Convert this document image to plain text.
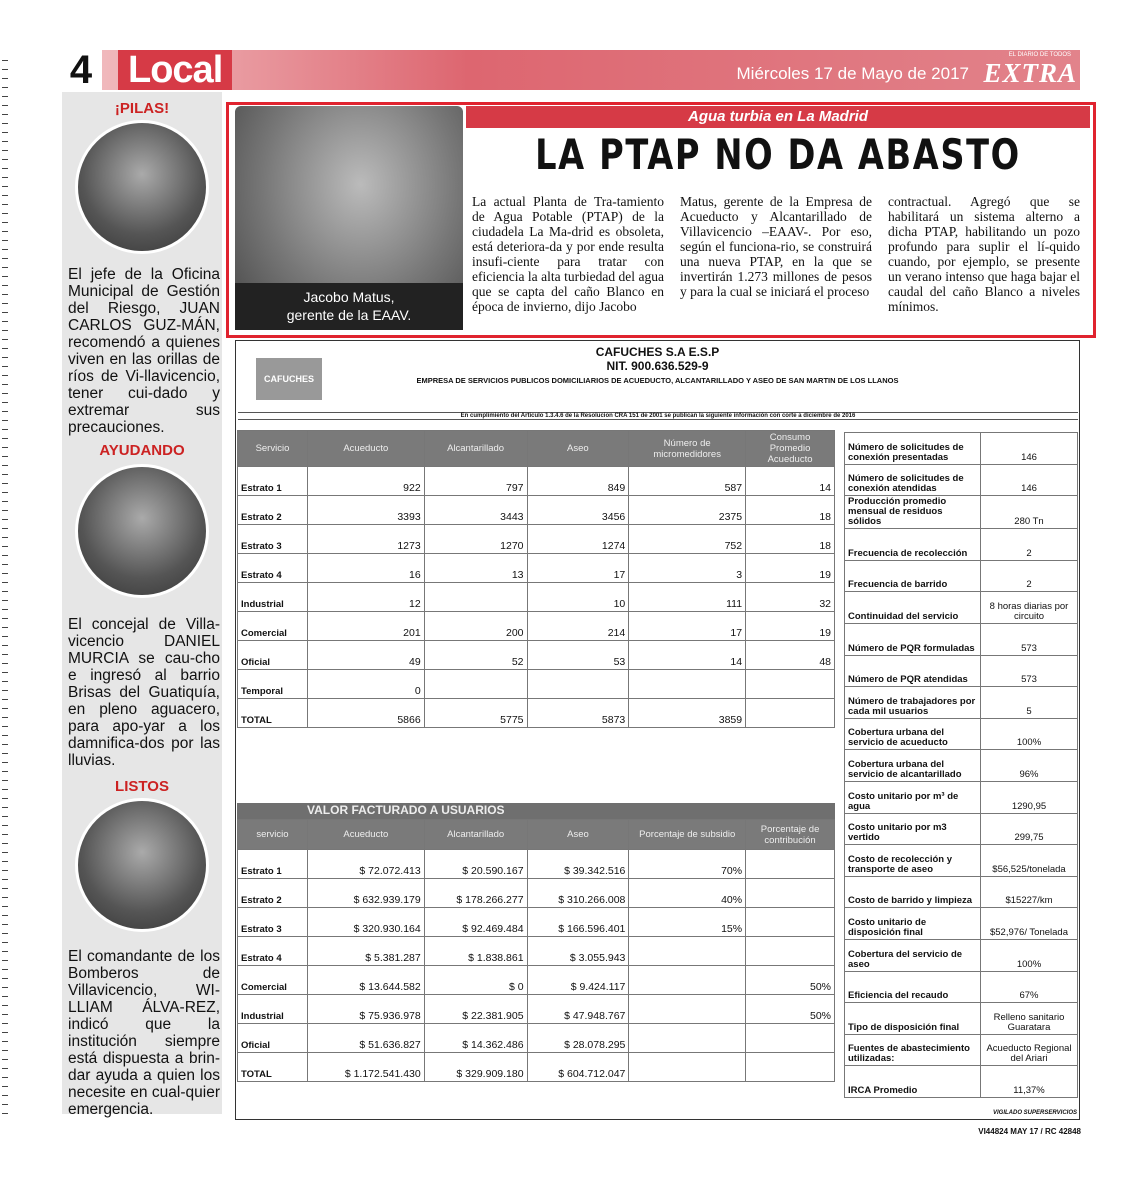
4 Local	Miércoles 17 de Mayo de 2017
EL DIARIO DE TODOS
EXTRA
¡PILAS!
El jefe de la Oficina Municipal de Gestión del Riesgo, JUAN CARLOS GUZ-MÁN, recomendó a quienes viven en las orillas de ríos de Vi-llavicencio, tener cui-dado y extremar sus precauciones.
AYUDANDO
El concejal de Villa-vicencio DANIEL MURCIA se cau-cho e ingresó al barrio Brisas del Guatiquía, en pleno aguacero, para apo-yar a los damnifica-dos por las lluvias.
LISTOS
El comandante de los Bomberos de Villavicencio, WI-LLIAM ÁLVA-REZ, indicó que la institución siempre está dispuesta a brin-dar ayuda a quien los necesite en cual-quier emergencia.
Jacobo Matus,
gerente de la EAAV.
Agua turbia en La Madrid
LA PTAP NO DA ABASTO
La actual Planta de Tra-tamiento de Agua Potable (PTAP) de la ciudadela La Ma-drid es obsoleta, está deteriora-da y por ende resulta insufi-ciente para tratar con eficiencia la alta turbiedad del agua que se capta del caño Blanco en época de invierno, dijo Jacobo
Matus, gerente de la Empresa de Acueducto y Alcantarillado de Villavicencio –EAAV-. Por eso, según el funciona-rio, se construirá una nueva PTAP, en la que se invertirán 1.273 millones de pesos y para la cual se iniciará el proceso
contractual. Agregó que se habilitará un sistema alterno a dicha PTAP, habilitando un pozo profundo para suplir el lí-quido cuando, por ejemplo, se presente un verano intenso que haga bajar el caudal del caño Blanco a niveles mínimos.
CAFUCHES
CAFUCHES S.A E.S.P
NIT. 900.636.529-9
EMPRESA DE SERVICIOS PUBLICOS DOMICILIARIOS DE ACUEDUCTO, ALCANTARILLADO Y ASEO DE SAN MARTIN DE LOS LLANOS
En cumplimiento del Articulo 1.3.4.6 de la Resolucion CRA 151 de 2001 se publican la siguiente información con corte a diciembre de 2016
Servicio	Acueducto	Alcantarillado	Aseo	Número de micromedidores	Consumo Promedio Acueducto
Estrato 1	922	797	849	587	14
Estrato 2	3393	3443	3456	2375	18
Estrato 3	1273	1270	1274	752	18
Estrato 4	16	13	17	3	19
Industrial	12		10	111	32
Comercial	201	200	214	17	19
Oficial	49	52	53	14	48
Temporal	0				
TOTAL	5866	5775	5873	3859	
VALOR FACTURADO A USUARIOS
servicio	Acueducto	Alcantarillado	Aseo	Porcentaje de subsidio	Porcentaje de contribución
Estrato 1	$ 72.072.413	$ 20.590.167	$ 39.342.516	70%	
Estrato 2	$ 632.939.179	$ 178.266.277	$ 310.266.008	40%	
Estrato 3	$ 320.930.164	$ 92.469.484	$ 166.596.401	15%	
Estrato 4	$ 5.381.287	$ 1.838.861	$ 3.055.943		
Comercial	$ 13.644.582	$ 0	$ 9.424.117		50%
Industrial	$ 75.936.978	$ 22.381.905	$ 47.948.767		50%
Oficial	$ 51.636.827	$ 14.362.486	$ 28.078.295		
TOTAL	$ 1.172.541.430	$ 329.909.180	$ 604.712.047		
Número de solicitudes de conexión presentadas	146
Número de solicitudes de conexión atendidas	146
Producción promedio mensual de residuos sólidos	280 Tn
Frecuencia de recolección	2
Frecuencia de barrido	2
Continuidad del servicio	8 horas diarias por circuito
Número de PQR formuladas	573
Número de PQR atendidas	573
Número de trabajadores por cada mil usuarios	5
Cobertura urbana del servicio de acueducto	100%
Cobertura urbana del servicio de alcantarillado	96%
Costo unitario por m³ de agua	1290,95
Costo unitario por m3 vertido	299,75
Costo de recolección y transporte de aseo	$56,525/tonelada
Costo de barrido y limpieza	$15227/km
Costo unitario de disposición final	$52,976/ Tonelada
Cobertura del servicio de aseo	100%
Eficiencia del recaudo	67%
Tipo de disposición final	Relleno sanitario Guaratara
Fuentes de abastecimiento utilizadas:	Acueducto Regional del Ariari
IRCA Promedio	11,37%
VIGILADO SUPERSERVICIOS
VI44824 MAY 17 / RC 42848
